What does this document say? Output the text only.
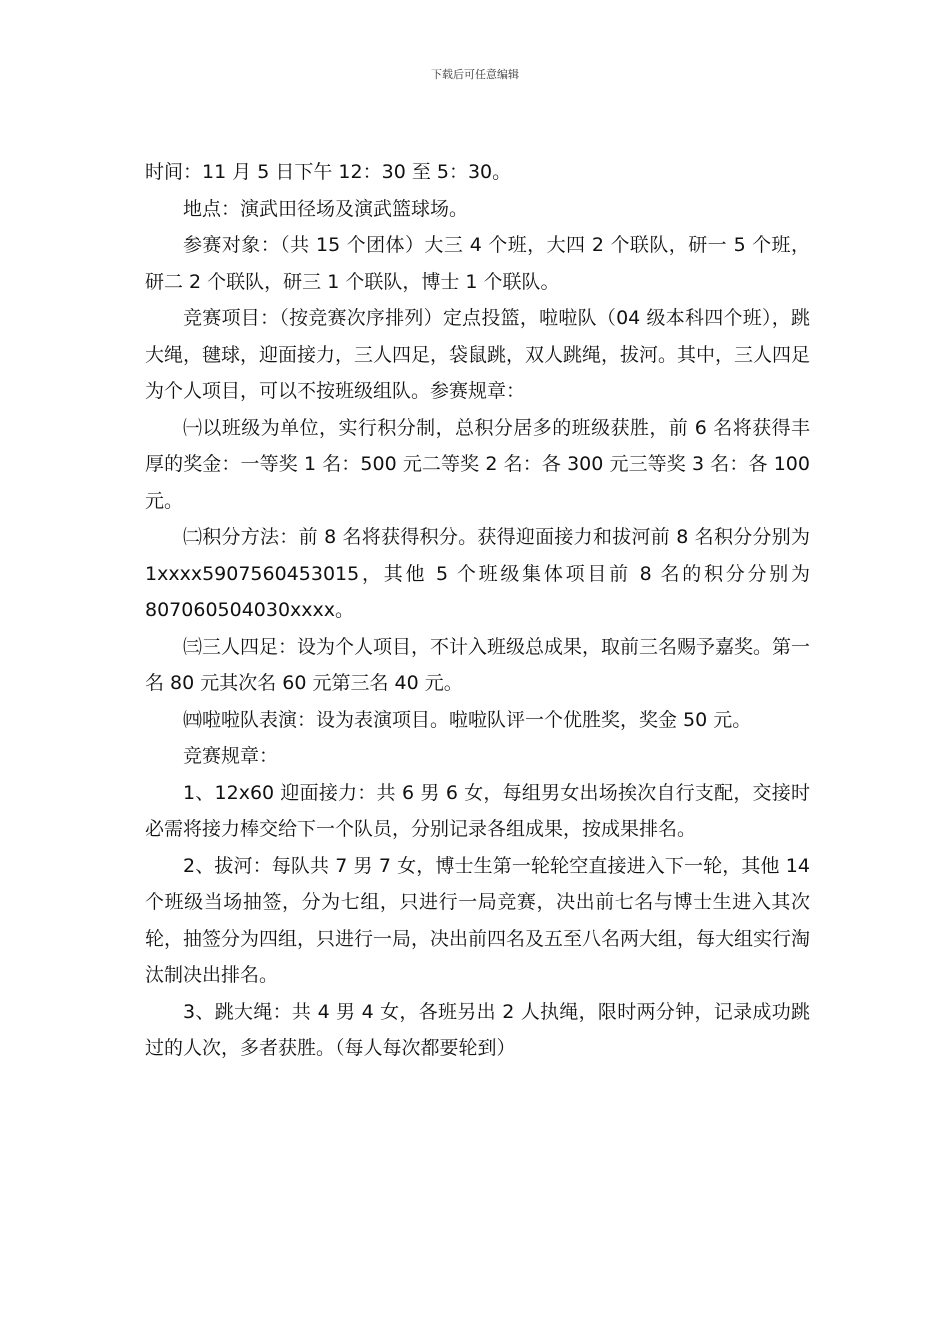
下载后可任意编辑

时间：11 月 5 日下午 12：30 至 5：30。

地点：演武田径场及演武篮球场。

参赛对象：（共 15 个团体）大三 4 个班，大四 2 个联队，研一 5 个班，研二 2 个联队，研三 1 个联队，博士 1 个联队。

竞赛项目：（按竞赛次序排列）定点投篮，啦啦队（04 级本科四个班），跳大绳，毽球，迎面接力，三人四足，袋鼠跳，双人跳绳，拔河。其中，三人四足为个人项目，可以不按班级组队。参赛规章：

㈠以班级为单位，实行积分制，总积分居多的班级获胜，前 6 名将获得丰厚的奖金：一等奖 1 名：500 元二等奖 2 名：各 300 元三等奖 3 名：各 100 元。

㈡积分方法：前 8 名将获得积分。获得迎面接力和拔河前 8 名积分分别为 1xxxx5907560453015，其他 5 个班级集体项目前 8 名的积分分别为 807060504030xxxx。

㈢三人四足：设为个人项目，不计入班级总成果，取前三名赐予嘉奖。第一名 80 元其次名 60 元第三名 40 元。

㈣啦啦队表演：设为表演项目。啦啦队评一个优胜奖，奖金 50 元。

竞赛规章：

1、12x60 迎面接力：共 6 男 6 女，每组男女出场挨次自行支配，交接时必需将接力棒交给下一个队员，分别记录各组成果，按成果排名。

2、拔河：每队共 7 男 7 女，博士生第一轮轮空直接进入下一轮，其他 14 个班级当场抽签，分为七组，只进行一局竞赛，决出前七名与博士生进入其次轮，抽签分为四组，只进行一局，决出前四名及五至八名两大组，每大组实行淘汰制决出排名。

3、跳大绳：共 4 男 4 女，各班另出 2 人执绳，限时两分钟，记录成功跳过的人次，多者获胜。（每人每次都要轮到）
